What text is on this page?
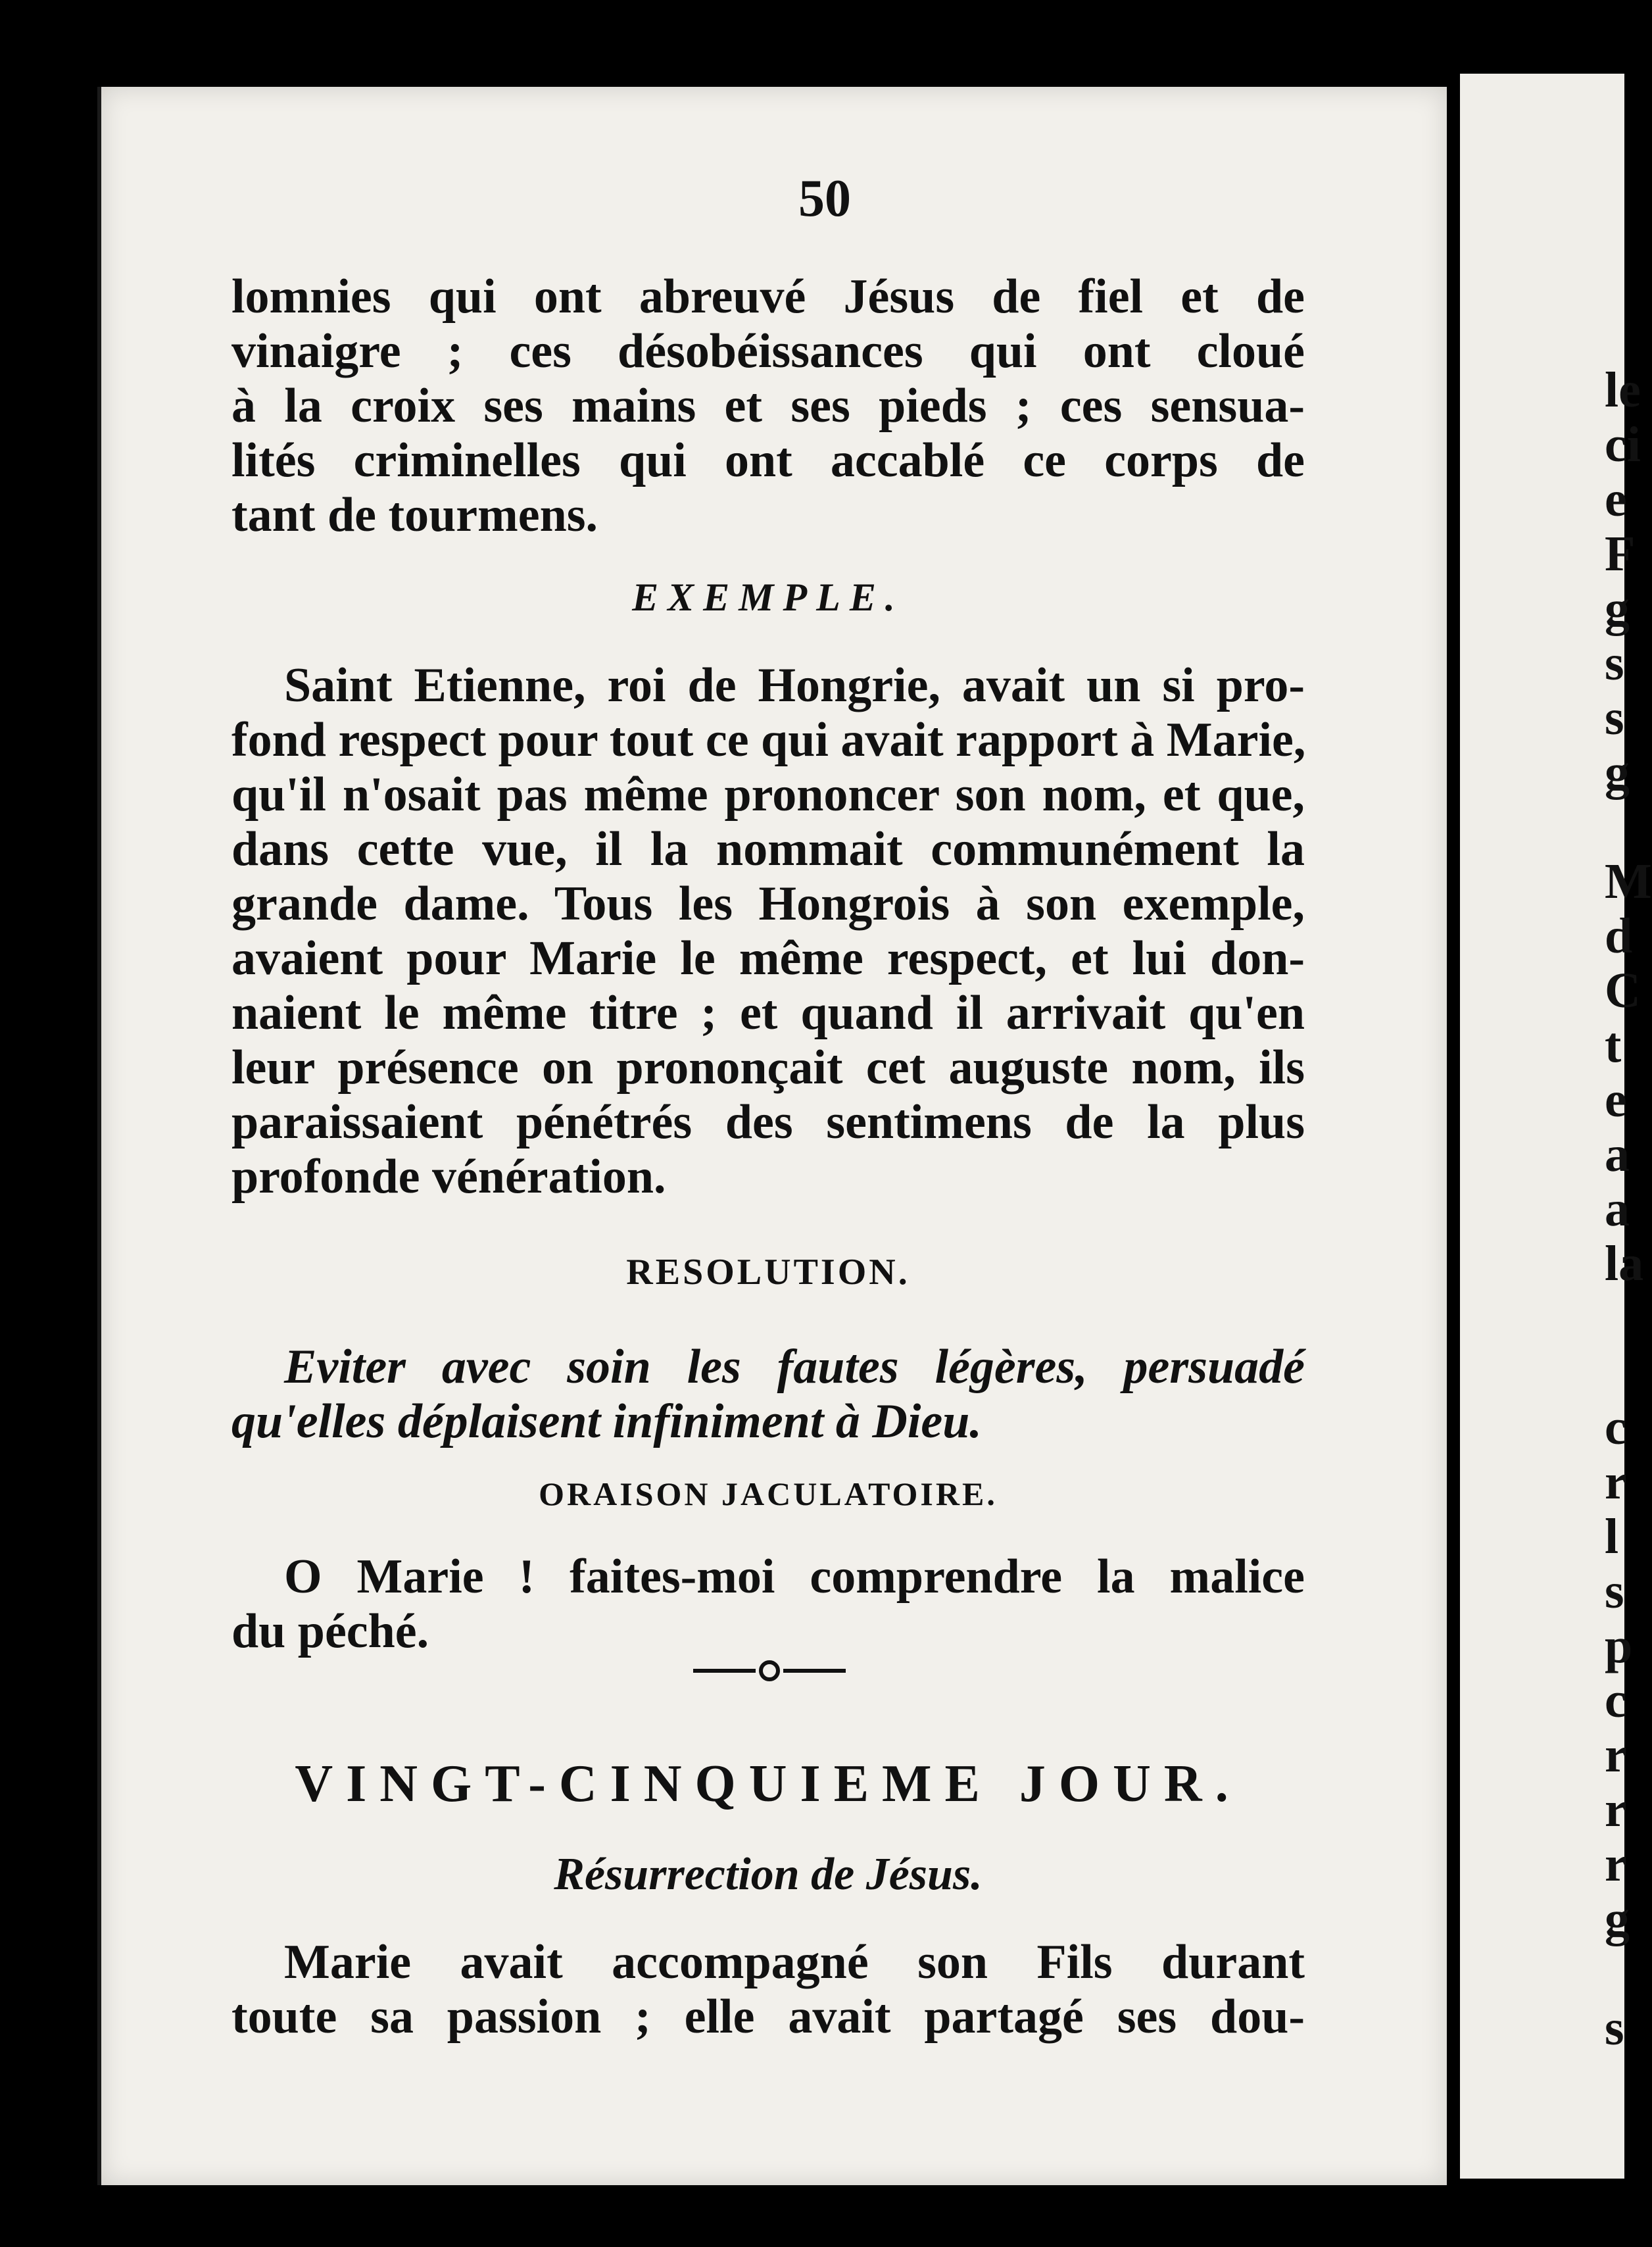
50
lomnies qui ont abreuvé Jésus de fiel et de
vinaigre ; ces désobéissances qui ont cloué
à la croix ses mains et ses pieds ; ces sensua-
lités criminelles qui ont accablé ce corps de
tant de tourmens.
EXEMPLE.
Saint Etienne, roi de Hongrie, avait un si pro-
fond respect pour tout ce qui avait rapport à Marie,
qu'il n'osait pas même prononcer son nom, et que,
dans cette vue, il la nommait communément la
grande dame. Tous les Hongrois à son exemple,
avaient pour Marie le même respect, et lui don-
naient le même titre ; et quand il arrivait qu'en
leur présence on prononçait cet auguste nom, ils
paraissaient pénétrés des sentimens de la plus
profonde vénération.
RESOLUTION.
Eviter avec soin les fautes légères, persuadé
qu'elles déplaisent infiniment à Dieu.
ORAISON JACULATOIRE.
O Marie ! faites-moi comprendre la malice
du péché.
VINGT-CINQUIEME JOUR.
Résurrection de Jésus.
Marie avait accompagné son Fils durant
toute sa passion ; elle avait partagé ses dou-
le
ci
e
F
g
s
s
g

M
d
C
t
e
a
a
la

c
r
l
s
p
c
r
r
r
g

s
